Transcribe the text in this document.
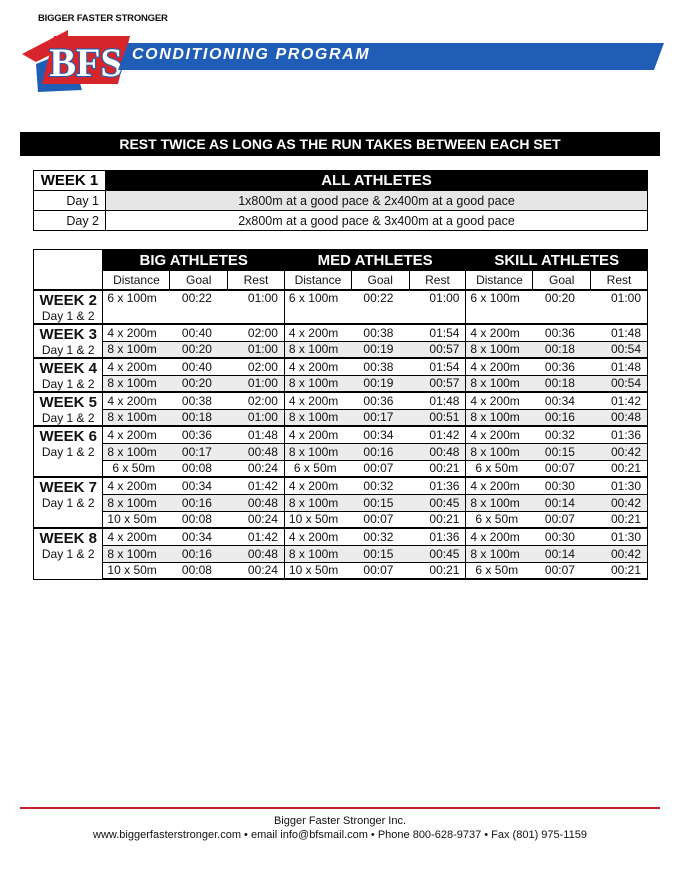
BIGGER FASTER STRONGER
BFS CONDITIONING PROGRAM
REST TWICE AS LONG AS THE RUN TAKES BETWEEN EACH SET
WEEK 1	ALL ATHLETES
Day 1	1x800m at a good pace & 2x400m at a good pace
Day 2	2x800m at a good pace & 3x400m at a good pace
	BIG ATHLETES			MED ATHLETES			SKILL ATHLETES		
	Distance	Goal	Rest	Distance	Goal	Rest	Distance	Goal	Rest

WEEK 2
Day 1 & 2	6 x 100m	00:22	01:00	6 x 100m	00:22	01:00	6 x 100m	00:20	01:00

WEEK 3
Day 1 & 2	4 x 200m	00:40	02:00	4 x 200m	00:38	01:54	4 x 200m	00:36	01:48
	8 x 100m	00:20	01:00	8 x 100m	00:19	00:57	8 x 100m	00:18	00:54

WEEK 4
Day 1 & 2	4 x 200m	00:40	02:00	4 x 200m	00:38	01:54	4 x 200m	00:36	01:48
	8 x 100m	00:20	01:00	8 x 100m	00:19	00:57	8 x 100m	00:18	00:54

WEEK 5
Day 1 & 2	4 x 200m	00:38	02:00	4 x 200m	00:36	01:48	4 x 200m	00:34	01:42
	8 x 100m	00:18	01:00	8 x 100m	00:17	00:51	8 x 100m	00:16	00:48

WEEK 6
Day 1 & 2	4 x 200m	00:36	01:48	4 x 200m	00:34	01:42	4 x 200m	00:32	01:36
	8 x 100m	00:17	00:48	8 x 100m	00:16	00:48	8 x 100m	00:15	00:42
	6 x 50m	00:08	00:24	6 x 50m	00:07	00:21	6 x 50m	00:07	00:21

WEEK 7
Day 1 & 2	4 x 200m	00:34	01:42	4 x 200m	00:32	01:36	4 x 200m	00:30	01:30
	8 x 100m	00:16	00:48	8 x 100m	00:15	00:45	8 x 100m	00:14	00:42
	10 x 50m	00:08	00:24	10 x 50m	00:07	00:21	6 x 50m	00:07	00:21

WEEK 8
Day 1 & 2	4 x 200m	00:34	01:42	4 x 200m	00:32	01:36	4 x 200m	00:30	01:30
	8 x 100m	00:16	00:48	8 x 100m	00:15	00:45	8 x 100m	00:14	00:42
	10 x 50m	00:08	00:24	10 x 50m	00:07	00:21	6 x 50m	00:07	00:21
Bigger Faster Stronger Inc.
www.biggerfasterstronger.com • email info@bfsmail.com • Phone 800-628-9737 • Fax (801) 975-1159
